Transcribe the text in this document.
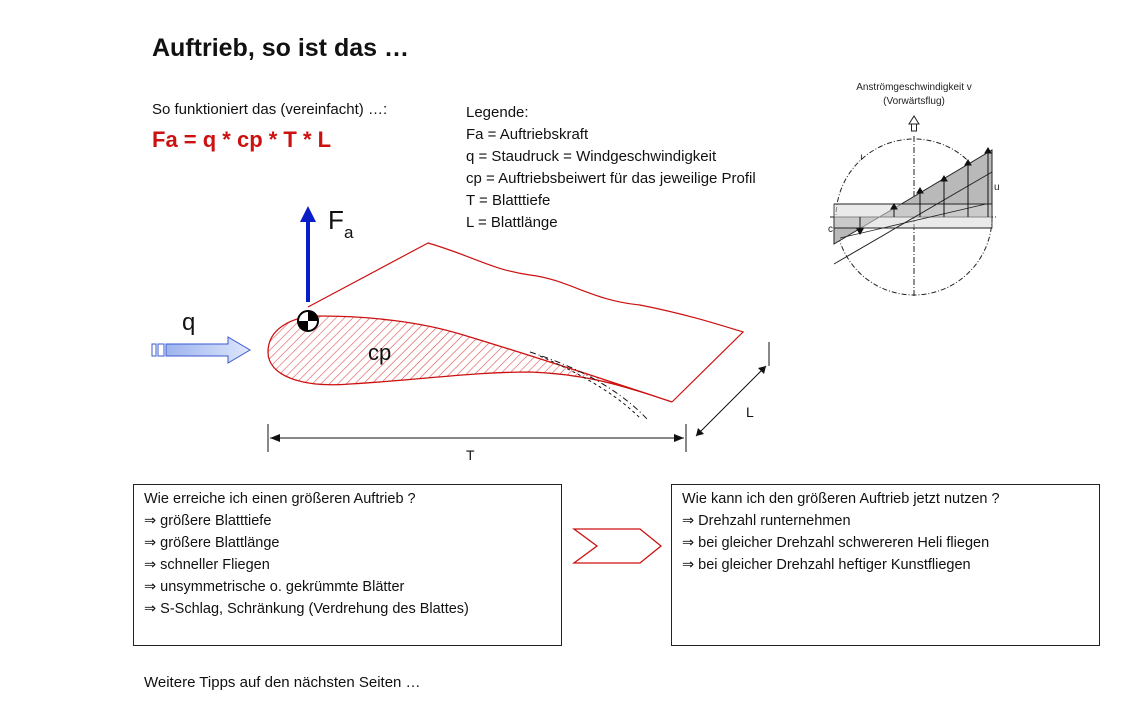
Auftrieb, so ist das …
So funktioniert das (vereinfacht) …:
Fa = q * cp * T * L
Legende:
Fa = Auftriebskraft
q = Staudruck = Windgeschwindigkeit
cp = Auftriebsbeiwert für das jeweilige Profil
T = Blatttiefe
L = Blattlänge
F a
q
cp
T
L
Anströmgeschwindigkeit v
(Vorwärtsflug)
c
u
ı
Wie erreiche ich einen größeren Auftrieb ?
⇒ größere Blatttiefe
⇒ größere Blattlänge
⇒ schneller Fliegen
⇒ unsymmetrische o. gekrümmte Blätter
⇒ S-Schlag, Schränkung (Verdrehung des Blattes)
Wie kann ich den größeren Auftrieb jetzt nutzen ?
⇒ Drehzahl runternehmen
⇒ bei gleicher Drehzahl schwereren Heli fliegen
⇒ bei gleicher Drehzahl heftiger Kunstfliegen
Weitere Tipps auf den nächsten Seiten …
